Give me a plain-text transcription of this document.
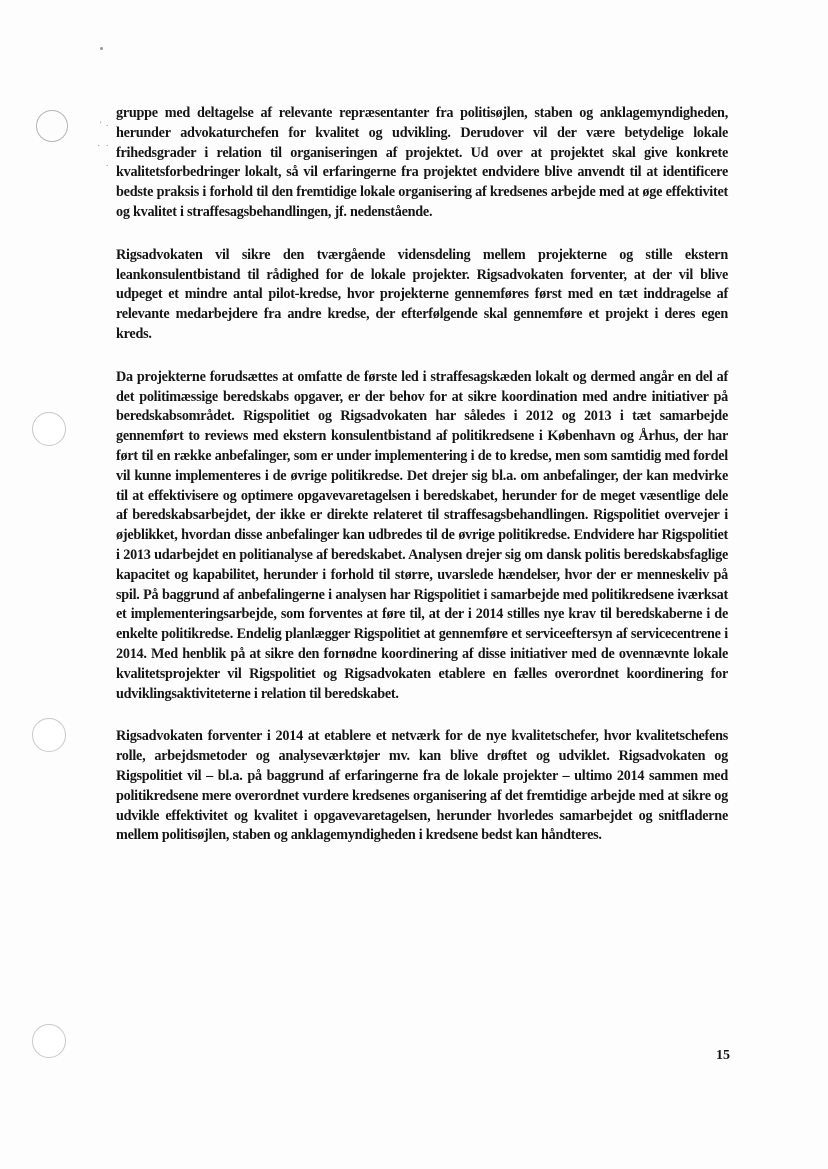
̓ ·
· ·
·

gruppe med deltagelse af relevante repræsentanter fra politisøjlen, staben og anklagemyndigheden, herunder advokaturchefen for kvalitet og udvikling. Derudover vil der være betydelige lokale frihedsgrader i relation til organiseringen af projektet. Ud over at projektet skal give konkrete kvalitetsforbedringer lokalt, så vil erfaringerne fra projektet endvidere blive anvendt til at identificere bedste praksis i forhold til den fremtidige lokale organisering af kredsenes arbejde med at øge effektivitet og kvalitet i straffesagsbehandlingen, jf. nedenstående.

Rigsadvokaten vil sikre den tværgående vidensdeling mellem projekterne og stille ekstern leankonsulentbistand til rådighed for de lokale projekter. Rigsadvokaten forventer, at der vil blive udpeget et mindre antal pilot-kredse, hvor projekterne gennemføres først med en tæt inddragelse af relevante medarbejdere fra andre kredse, der efterfølgende skal gennemføre et projekt i deres egen kreds.

Da projekterne forudsættes at omfatte de første led i straffesagskæden lokalt og dermed angår en del af det politimæssige beredskabs opgaver, er der behov for at sikre koordination med andre initiativer på beredskabsområdet. Rigspolitiet og Rigsadvokaten har således i 2012 og 2013 i tæt samarbejde gennemført to reviews med ekstern konsulentbistand af politikredsene i København og Århus, der har ført til en række anbefalinger, som er under implementering i de to kredse, men som samtidig med fordel vil kunne implementeres i de øvrige politikredse. Det drejer sig bl.a. om anbefalinger, der kan medvirke til at effektivisere og optimere opgavevaretagelsen i beredskabet, herunder for de meget væsentlige dele af beredskabsarbejdet, der ikke er direkte relateret til straffesagsbehandlingen. Rigspolitiet overvejer i øjeblikket, hvordan disse anbefalinger kan udbredes til de øvrige politikredse. Endvidere har Rigspolitiet i 2013 udarbejdet en politianalyse af beredskabet. Analysen drejer sig om dansk politis beredskabsfaglige kapacitet og kapabilitet, herunder i forhold til større, uvarslede hændelser, hvor der er menneskeliv på spil. På baggrund af anbefalingerne i analysen har Rigspolitiet i samarbejde med politikredsene iværksat et implementeringsarbejde, som forventes at føre til, at der i 2014 stilles nye krav til beredskaberne i de enkelte politikredse. Endelig planlægger Rigspolitiet at gennemføre et serviceeftersyn af servicecentrene i 2014. Med henblik på at sikre den fornødne koordinering af disse initiativer med de ovennævnte lokale kvalitetsprojekter vil Rigspolitiet og Rigsadvokaten etablere en fælles overordnet koordinering for udviklingsaktiviteterne i relation til beredskabet.

Rigsadvokaten forventer i 2014 at etablere et netværk for de nye kvalitetschefer, hvor kvalitetschefens rolle, arbejdsmetoder og analyseværktøjer mv. kan blive drøftet og udviklet. Rigsadvokaten og Rigspolitiet vil – bl.a. på baggrund af erfaringerne fra de lokale projekter – ultimo 2014 sammen med politikredsene mere overordnet vurdere kredsenes organisering af det fremtidige arbejde med at sikre og udvikle effektivitet og kvalitet i opgavevaretagelsen, herunder hvorledes samarbejdet og snitfladerne mellem politisøjlen, staben og anklagemyndigheden i kredsene bedst kan håndteres.

15
